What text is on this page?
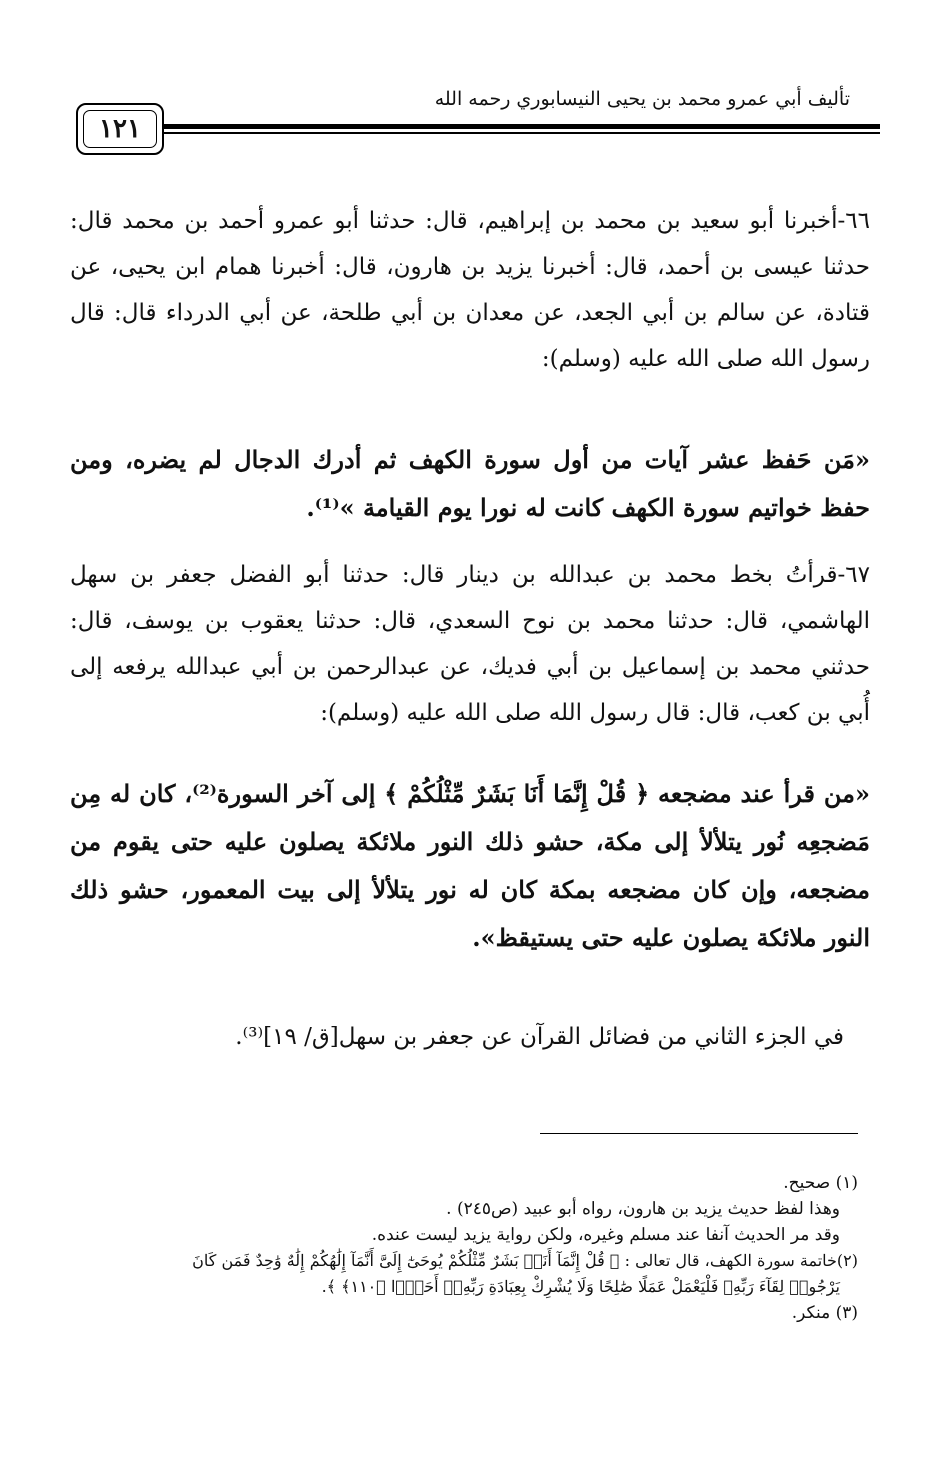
تأليف أبي عمرو محمد بن يحيى النيسابوري رحمه الله
١٢١

٦٦-أخبرنا أبو سعيد بن محمد بن إبراهيم، قال: حدثنا أبو عمرو أحمد بن محمد قال: حدثنا عيسى بن أحمد، قال: أخبرنا يزيد بن هارون، قال: أخبرنا همام ابن يحيى، عن قتادة، عن سالم بن أبي الجعد، عن معدان بن أبي طلحة، عن أبي الدرداء قال: قال رسول الله صلى الله عليه (وسلم):

«مَن حَفظ عشر آيات من أول سورة الكهف ثم أدرك الدجال لم يضره، ومن حفظ خواتيم سورة الكهف كانت له نورا يوم القيامة »⁽¹⁾.

٦٧-قرأتُ بخط محمد بن عبدالله بن دينار قال: حدثنا أبو الفضل جعفر بن سهل الهاشمي، قال: حدثنا محمد بن نوح السعدي، قال: حدثنا يعقوب بن يوسف، قال: حدثني محمد بن إسماعيل بن أبي فديك، عن عبدالرحمن بن أبي عبدالله يرفعه إلى أُبي بن كعب، قال: قال رسول الله صلى الله عليه (وسلم):

«من قرأ عند مضجعه ﴿ قُلْ إِنَّمَا أَنَا بَشَرٌ مِّثْلُكُمْ ﴾ إلى آخر السورة⁽²⁾، كان له مِن مَضجعِه نُور يتلألأ إلى مكة، حشو ذلك النور ملائكة يصلون عليه حتى يقوم من مضجعه، وإن كان مضجعه بمكة كان له نور يتلألأ إلى بيت المعمور، حشو ذلك النور ملائكة يصلون عليه حتى يستيقظ».

في الجزء الثاني من فضائل القرآن عن جعفر بن سهل[ق/ ١٩]⁽³⁾.

(١) صحيح.
وهذا لفظ حديث يزيد بن هارون، رواه أبو عبيد (ص٢٤٥) .
وقد مر الحديث آنفا عند مسلم وغيره، ولكن رواية يزيد ليست عنده.
(٢)خاتمة سورة الكهف، قال تعالى : ﴿ قُلْ إِنَّمَآ أَنَا۠ بَشَرٌ مِّثْلُكُمْ يُوحَىٰٓ إِلَىَّ أَنَّمَآ إِلَٰهُكُمْ إِلَٰهٌ وَٰحِدٌ فَمَن كَانَ
يَرْجُوا۟ لِقَآءَ رَبِّهِۦ فَلْيَعْمَلْ عَمَلًا صَٰلِحًا وَلَا يُشْرِكْ بِعِبَادَةِ رَبِّهِۦٓ أَحَدًۢا ﴿١١٠﴾ ﴾.
(٣) منكر.
